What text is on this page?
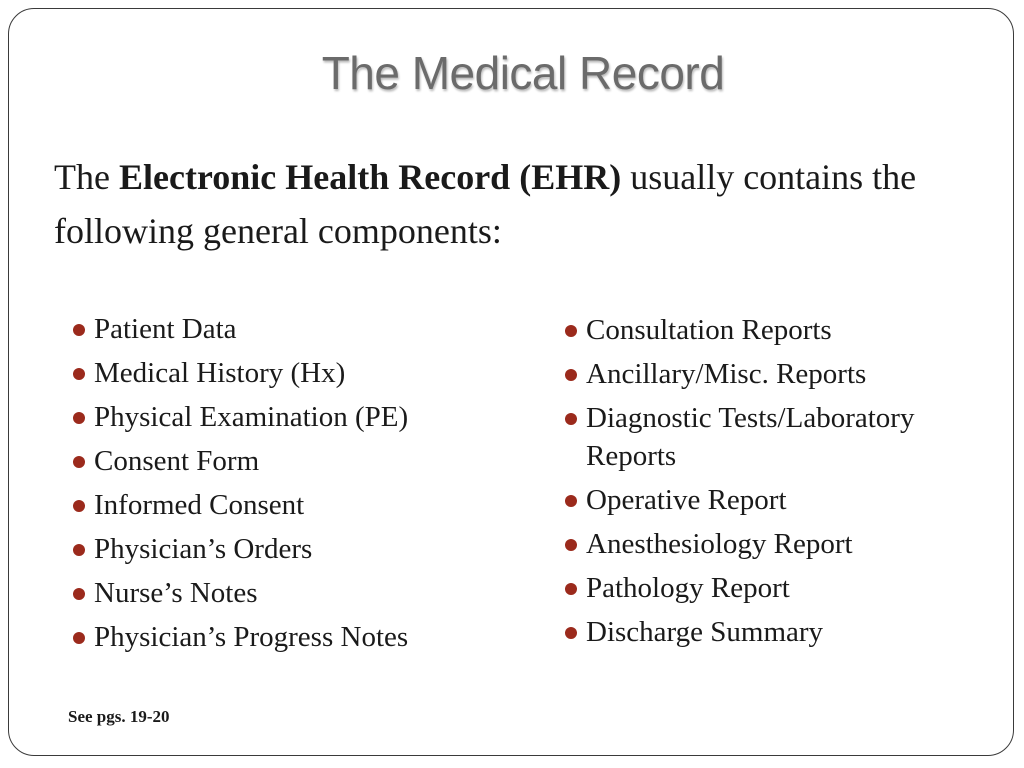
The Medical Record
The Electronic Health Record (EHR) usually contains the following general components:
Patient Data
Medical History (Hx)
Physical Examination (PE)
Consent Form
Informed Consent
Physician’s Orders
Nurse’s Notes
Physician’s Progress Notes
Consultation Reports
Ancillary/Misc. Reports
Diagnostic Tests/Laboratory Reports
Operative Report
Anesthesiology Report
Pathology Report
Discharge Summary
See pgs. 19-20
